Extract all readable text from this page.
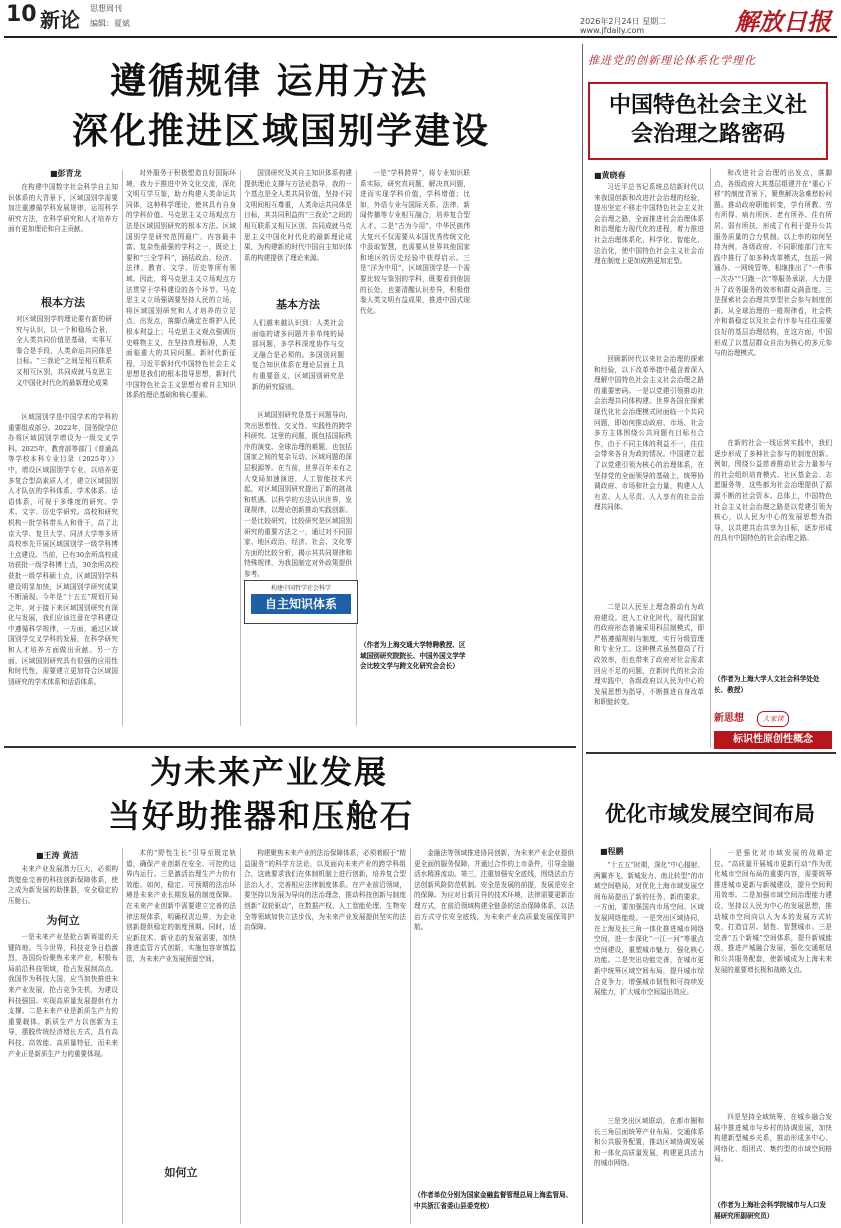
10 新论 思想周刊
编辑：夏斌	2026年2月24日 星期二
www.jfdaily.com	解放日报
推进党的创新理论体系化学理化
遵循规律 运用方法
深化推进区域国别学建设
■彭青龙
在构建中国数字社会科学自主知识体系的大背景下，区域国别学需要加注重遵循学科发展规律，运用科学研究方法，在科学研究和人才培养方面有更加理论和自主贡献。
根本方法
对区域国别学的理论要有新的研究与认识，以一个和稳场合景，全人类共同价值是基础，实事互鉴合是手段，人类命运共同体是目标。“三我论”之间呈相互联系又相互区别，共同成就马克思主义中国化时代化的最新理论成果
区域国别学是中国学术的学科的重要组成部分。2022年，国务院学位办将区域国别学增设为一级交叉学科。2025年，教育部等部门《普通高等学校本科专业目录（2025年）》中，增设区域国别学专业，以培养更多复合型高素质人才，建立区域国别人才队伍的学科体系、学术体系、话语体系，可视于多维度的研究、学术、文字、历史学研究。高校和研究机构一批学科带头人和骨干，高了北京大学、复旦大学、同济大学等多所高校率先开展区域国别学一级学科博士点建设。当前，已有30余所高校成功获批一级学科博士点，30余所高校获批一级学科硕士点，区域国别学科建设明显加快，区域国别学研究成果不断涌现。今年是“十五五”规划开局之年，对于接下来区域国别研究有深化与发展，我们应该注意在学科建设中遵循科学规律，一方面，通过区域国别学交叉学科的发展，在科学研究和人才培养方面做出贡献。另一方面，区域国别研究具有很强的应用性和时代性，需要建立更加符合区域国别研究的学术体系和话语体系。
对外服务于积极塑造良好国际环境，我力于推进中外文化交流，深化文明互学互鉴，助力构建人类命运共同体，这种科学理论，使其具有自身的学科价值。马克思主义立场观点方法是区域国别研究的根本方法。区域国别学是研究范围最广、内容最丰富、复杂性最强的学科之一，既论上要和“三全学科”，涵括政治、经济、法律、教育、文学、历史等所有领域。因此，将马克思主义立场观点方法贯穿于学科建设的各个环节。马克思主义立场强调要坚持人民的立场，将区域国别研究和人才培养的立足点，出发点，落脚点确定在维护人民根本利益上；马克思主义观点强调历史唯物主义，在坚持真理标准，人类面临重大的共同问题。新时代新征程，习近平新时代中国特色社会主义思想是我们的根本指导思想，新时代中国特色社会主义思想有着自主知识体系的理论基础和核心要素。
国别研究及其自主知识体系构建提供理论支撑与方法论指导，我的一个基点是全人类共同价值，坚持不同文明间相互尊重，人类命运共同体是目标，其共同利益的“三我论”之间的相互联系又相互区别，共同成就马克思主义中国化时代化的最新理论成果，为构建新的时代中国自主知识体系的构建提供了理论来源。
基本方法
人们越来越认识到：人类社会面临的诸多问题并非单纯的局部问题，多学科深度协作与交叉融合是必须的。多国别问题复合知识体系在理论层面上具有重要意义，区域国别研究是新的研究原则。
区域国别研究是基于问题导向，突出思想性、交叉性、实践性的跨学科研究。这里的问题，既包括国际秩序的演变、全球治理的难题，也包括国家之间的复杂互动、区域问题的深层根源等。在当前，世界百年未有之大变局加速演进，人工智能技术兴起，对区域国别研究提出了新的挑战和机遇。以科学的方法认识世界，发现规律，以理论创新推动实践创新。一是比较研究，比较研究是区域国别研究的重要方法之一，通过对不同国家、地区政治、经济、社会、文化等方面的比较分析，揭示其共同规律和特殊规律，为我国制定对外政策提供参考。
一是“学科跨界”，将专业知识联系实际，研究真问题，解决真问题，进而实现学科价值，学科增值；比如，外语专业与国际关系、法律、新闻传播等专业相互融合，培养复合型人才。二是“古为今用”，中华民族伟大复兴不仅需要从本国优秀传统文化中汲取智慧，也需要从世界其他国家和地区的历史经验中获得启示。三是“洋为中用”，区域国别学是一个需要比较与鉴别的学科，既要看到他国的长处，也要清醒认识差异，积极借鉴人类文明有益成果，推进中国式现代化。
（作者为上海交通大学特聘教授、区域国别研究院院长、中国外国文学学会比较文学与跨文化研究会会长）
构建中国哲学社会科学
自主知识体系
中国特色社会主义社会治理之路密码
■黄晓春
习近平总书记系统总结新时代以来我国创新和改进社会治理的经验，提出坚定不移走中国特色社会主义社会治理之路，全面推进社会治理体系和治理能力现代化的进程，着力推进社会治理体系化、科学化、智能化、法治化，使中国特色社会主义社会治理在制度上更加成熟更加定型。
回顾新时代以来社会治理的探索和经验，以下改革举措中蕴含着深入理解中国特色社会主义社会治理之路的重要密码。一是以党建引领推动社会治理共同体构建。世界各国在探索现代化社会治理模式时面临一个共同问题，即如何推动政府、市场、社会多方主体围绕公共问题有目标有合作，由于不同主体的利益不一，往往会带来各自为政的情况。中国建立起了以党建引领为核心的治理体系，在坚持党的全面领导的基础上，统筹协调政府、市场和社会力量，构建人人有责、人人尽责、人人享有的社会治理共同体。
二是以人民至上理念推动有为政府建设。进入工业化时代，现代国家的政府形态普遍采用科层制模式，即严格遵循规则与制度，实行分级管理和专业分工。这种模式虽然提高了行政效率，但也带来了政府对社会需求回应不足的问题，在新时代的社会治理实践中，各级政府以人民为中心的发展思想为指导，不断推进自身改革和职能转变。
和改进社会治理的出发点，落脚点，各级政府大其基层组建并在“重心下移”的制度背景下，聚焦解决急难愁盼问题。推动政府职能转变，学有所教、劳有所得、病有所医、老有所养、住有所居、弱有所扶，形成了有利于提升公共服务质量的合力机制。以上率的如何坚持为例，各级政府、不同职能部门在实践中推行了如多种改革模式，包括一网通办、一网统管等，相继推出了“一件事一次办”“只跑一次”等服务承诺，大力提升了政务服务的效率和群众满意度。三是探索社会治理共享型社会参与制度创新。从全球治理的一般规律看，社会秩序和谐稳定以及社会有序参与往往需要良好的基层治理结构，在这方面，中国形成了以基层群众自治为核心的多元参与的治理模式。
在新的社会一线运营实践中，我们逐步形成了多种社会参与的制度创新。例如，围绕公益慈善推动社会力量参与的社会组织培育模式、社区基金会、志愿服务等，这些都为社会治理提供了源源不断的社会资本。总体上，中国特色社会主义社会治理之路是以党建引领为核心，以人民为中心的发展思想为指导，以共建共治共享为目标，逐步形成的具有中国特色的社会治理之路。
（作者为上海大学人文社会科学处处长、教授）
新思想	大家谈
标识性原创性概念
为未来产业发展
当好助推器和压舱石
■王涛 黄洁
未来产业发展潜力巨大，必须构筑壁垒完善的科技创新保障体系，使之成为新发展的助推器，安全稳定的压舱石。
为何立
一是未来产业是抢占新赛道的关键阵地。当今世界，科技竞争日趋激烈，各国纷纷聚焦未来产业，积极布局前沿科技领域，抢占发展制高点。我国作为科技大国，应当加快推进未来产业发展，抢占竞争先机，为建设科技强国、实现高质量发展提供有力支撑。二是未来产业是新质生产力的重要载体。新质生产力以创新为主导，摆脱传统经济增长方式，具有高科技、高效能、高质量特征，而未来产业正是新质生产力的重要体现。
术的“野性生长”引导至既定轨道，确保产业创新在安全、可控的边界内运行。三是激活治理生产力的有效能。如何，稳定、可预期的法治环境是未来产业长期发展的制度保障。在未来产业创新中需要建立完善的法律法规体系，明确权责边界，为企业创新提供稳定的制度预期。同时，适应新技术、新业态的发展需要，加快推进监管方式创新，实施包容审慎监管，为未来产业发展预留空间。
如何立
构建聚焦未来产业的法治保障体系，必须着眼于“精益服务”的科学方法论，以及面向未来产业的跨学科组合，这就要求我们在体制机制上进行创新，培养复合型法治人才，完善相应法律制度体系。在产业前沿领域，要坚持以发展为导向的法治理念，推动科技创新与制度创新“双轮驱动”，在数据产权、人工智能伦理、生物安全等领域加快立法步伐，为未来产业发展提供坚实的法治保障。
金融法等领域推进协同创新，为未来产业企业提供更全面的服务保障，并通过合作的上市条件，引导金融活水精准流动。第三，注重加强安全底线，围绕法治方法创新风险防范机制。安全是发展的前提，发展是安全的保障。为应对日新月异的技术环境，法律需要更新治理方式，在前沿领域构建全链条的法治保障体系，以法治方式守住安全底线，为未来产业高质量发展保驾护航。
（作者单位分别为国家金融监督管理总局上海监管局、中共浙江省委山县委党校）
优化市域发展空间布局
■程鹏
“十五五”时期，深化“中心辐射、两翼齐飞、新城发力、南北转型”的市域空间格局，对优化上海市域发展空间布局提出了新的任务、新的要求。一方面，要加强国内市场空间、区域发展网络能级。一是突出区域协同，在上海及长三角一体化推进城市网络空间，进一步深化“一江一河”等重点空间建设，重塑城市魅力，强化核心功能。二是突出功能完善，在城市更新中统筹区域空间布局，提升城市综合竞争力，增强城市韧性和可持续发展能力，扩大城市空间溢出效应。
三是突出区域联动，在都市圈和长三角层面统筹产业布局、交通体系和公共服务配置，推动区域协调发展和一体化高质量发展，构建更具活力的城市网络。
一是强化对市域发展的战略定位。“高质量开展城市更新行动”作为优化城市空间布局的重要内容，需要统筹推进城市更新与新城建设，提升空间利用效率。二是加强市域空间治理能力建设，坚持以人民为中心的发展思想，推动城市空间向以人为本的发展方式转变，打造宜居、韧性、智慧城市。三是完善“五个新城”空间体系，提升新城能级，推进产城融合发展，强化交通枢纽和公共服务配套，使新城成为上海未来发展的重要增长极和战略支点。
四是坚持全域统筹，在城乡融合发展中推进城市与乡村的协调发展，加快构建新型城乡关系，推动形成多中心、网络化、组团式、集约型的市域空间格局。
（作者为上海社会科学院城市与人口发展研究所副研究员）
